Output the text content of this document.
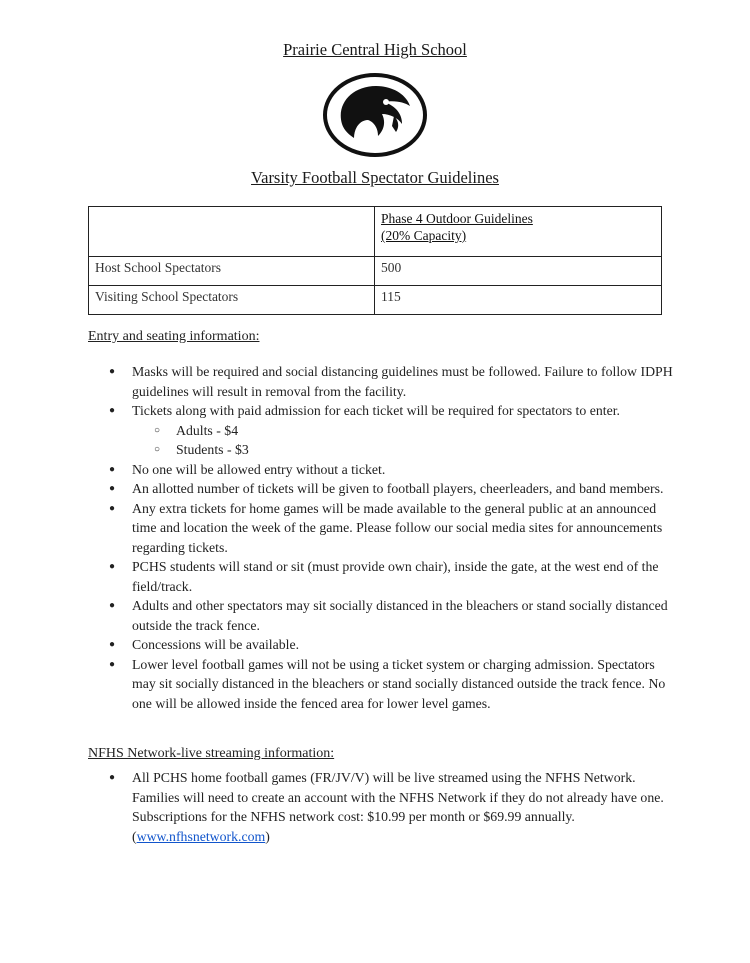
Prairie Central High School
Varsity Football Spectator Guidelines

	Phase 4 Outdoor Guidelines
(20% Capacity)

Host School Spectators	500
Visiting School Spectators	115
Entry and seating information:
● Masks will be required and social distancing guidelines must be followed. Failure to follow IDPH guidelines will result in removal from the facility.
● Tickets along with paid admission for each ticket will be required for spectators to enter.
○ Adults - $4
○ Students - $3
● No one will be allowed entry without a ticket.
● An allotted number of tickets will be given to football players, cheerleaders, and band members.
● Any extra tickets for home games will be made available to the general public at an announced time and location the week of the game. Please follow our social media sites for announcements regarding tickets.
● PCHS students will stand or sit (must provide own chair), inside the gate, at the west end of the field/track.
● Adults and other spectators may sit socially distanced in the bleachers or stand socially distanced outside the track fence.
● Concessions will be available.
● Lower level football games will not be using a ticket system or charging admission. Spectators may sit socially distanced in the bleachers or stand socially distanced outside the track fence. No one will be allowed inside the fenced area for lower level games.
NFHS Network-live streaming information:
● All PCHS home football games (FR/JV/V) will be live streamed using the NFHS Network. Families will need to create an account with the NFHS Network if they do not already have one. Subscriptions for the NFHS network cost: $10.99 per month or $69.99 annually. (www.nfhsnetwork.com)
